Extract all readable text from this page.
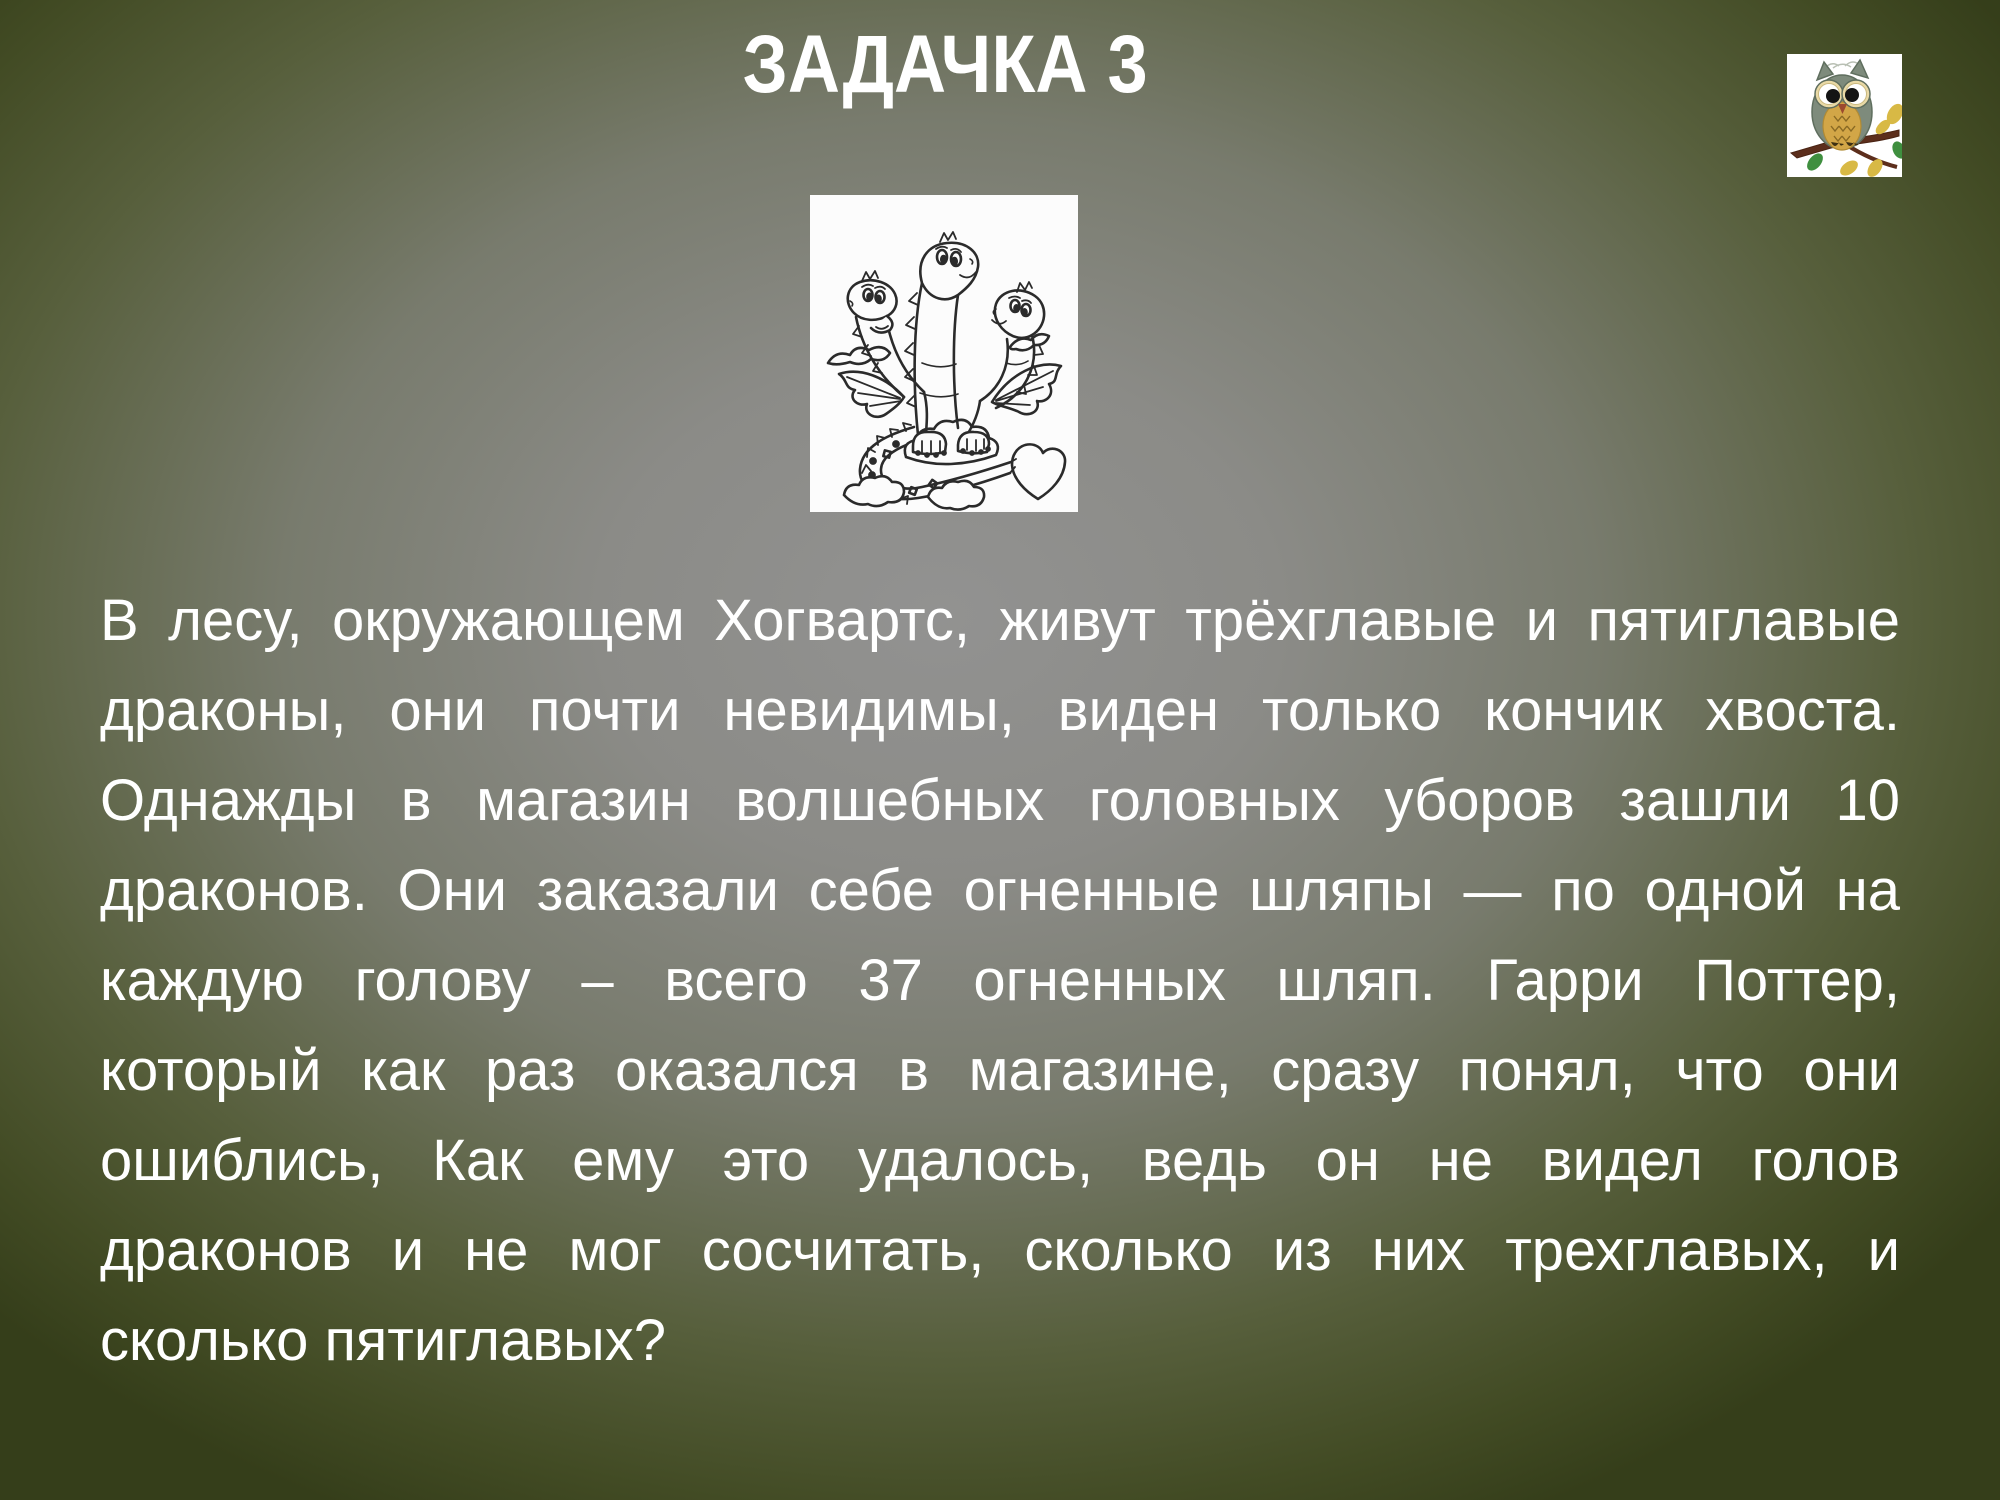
ЗАДАЧКА 3

В лесу, окружающем Хогвартс, живут трёхглавые и пятиглавые

драконы, они почти невидимы, виден только кончик хвоста.

Однажды в магазин волшебных головных уборов зашли 10

драконов. Они заказали себе огненные шляпы — по одной на

каждую голову – всего 37 огненных шляп. Гарри Поттер,

который как раз оказался в магазине, сразу понял, что они

ошиблись, Как ему это удалось, ведь он не видел голов

драконов и не мог сосчитать, сколько из них трехглавых, и

сколько пятиглавых?
